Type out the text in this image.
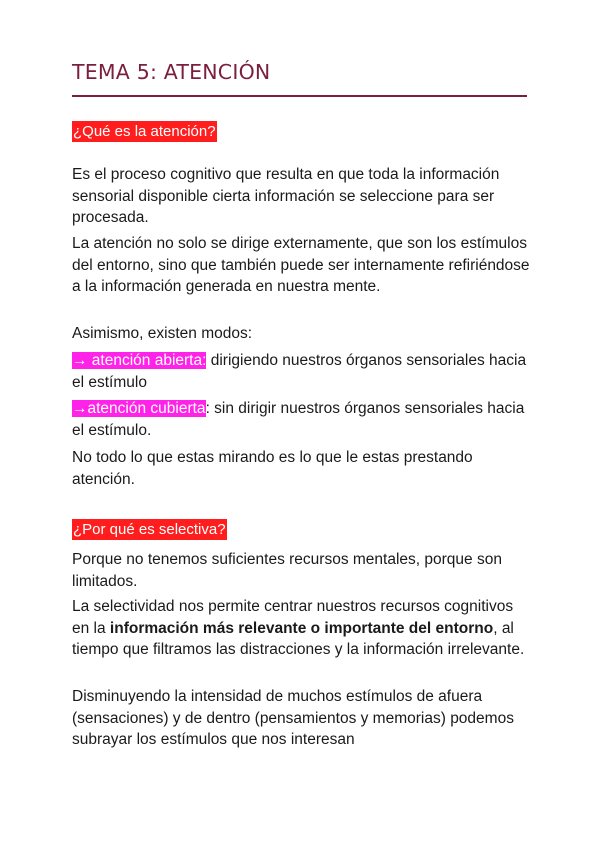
TEMA 5: ATENCIÓN
¿Qué es la atención?
Es el proceso cognitivo que resulta en que toda la información sensorial disponible cierta información se seleccione para ser procesada.
La atención no solo se dirige externamente, que son los estímulos del entorno, sino que también puede ser internamente refiriéndose a la información generada en nuestra mente.
Asimismo, existen modos:
→ atención abierta: dirigiendo nuestros órganos sensoriales hacia el estímulo
→atención cubierta: sin dirigir nuestros órganos sensoriales hacia el estímulo.
No todo lo que estas mirando es lo que le estas prestando atención.
¿Por qué es selectiva?
Porque no tenemos suficientes recursos mentales, porque son limitados.
La selectividad nos permite centrar nuestros recursos cognitivos en la información más relevante o importante del entorno, al tiempo que filtramos las distracciones y la información irrelevante.
Disminuyendo la intensidad de muchos estímulos de afuera (sensaciones) y de dentro (pensamientos y memorias) podemos subrayar los estímulos que nos interesan
